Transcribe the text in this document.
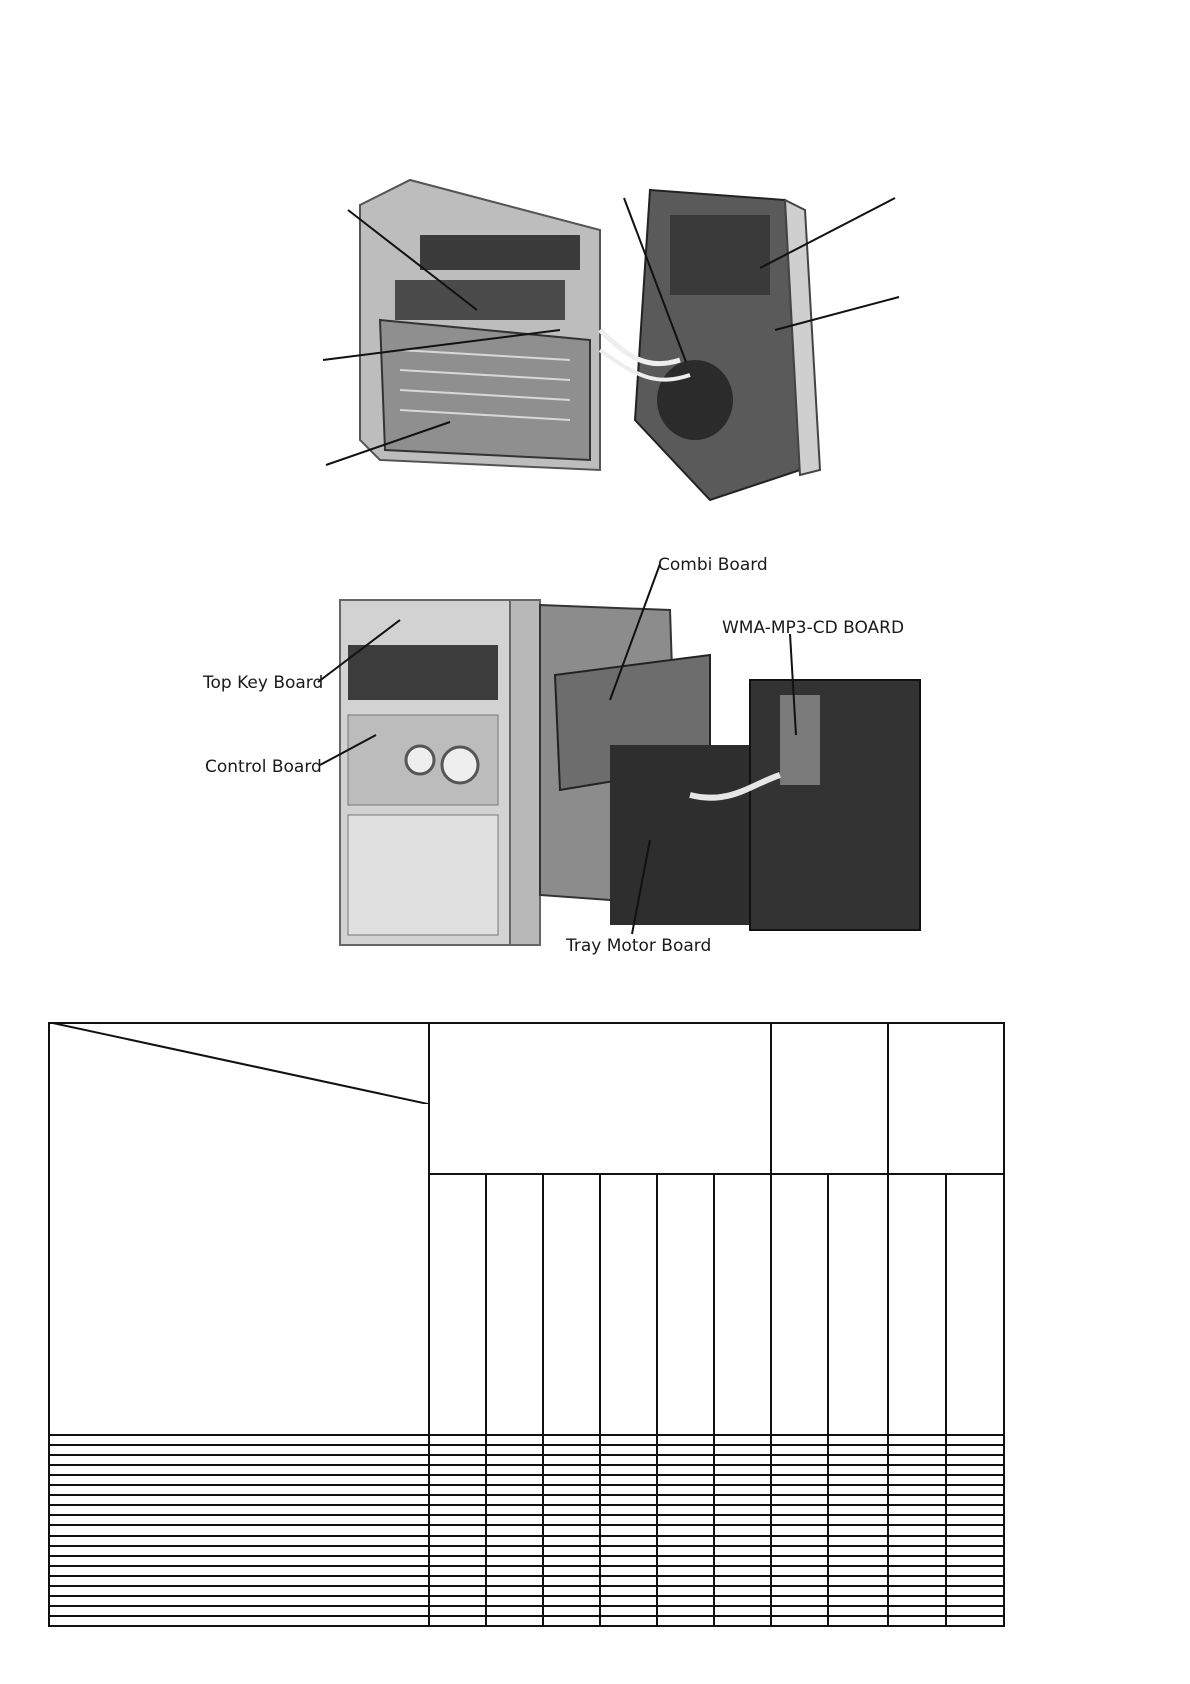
Combi Board
WMA-MP3-CD BOARD
Top Key Board
Control Board
Tray Motor Board
